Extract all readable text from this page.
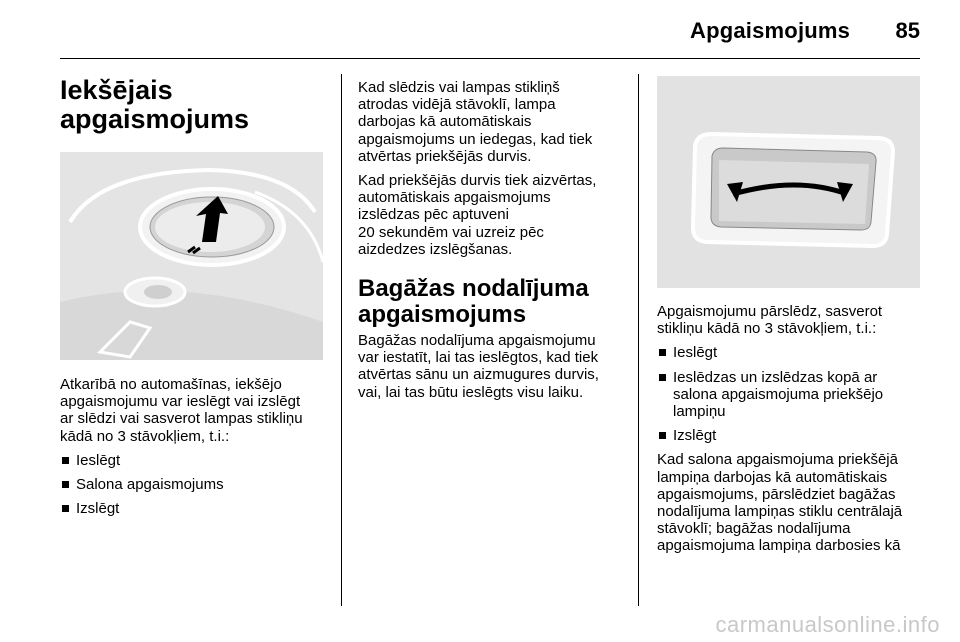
Apgaismojums	85
Iekšējais
apgaismojums

Atkarībā no automašīnas, iekšējo
apgaismojumu var ieslēgt vai izslēgt
ar slēdzi vai sasverot lampas stikliņu
kādā no 3 stāvokļiem, t.i.:

Ieslēgt
Salona apgaismojums
Izslēgt

Kad slēdzis vai lampas stikliņš
atrodas vidējā stāvoklī, lampa
darbojas kā automātiskais
apgaismojums un iedegas, kad tiek
atvērtas priekšējās durvis.

Kad priekšējās durvis tiek aizvērtas,
automātiskais apgaismojums
izslēdzas pēc aptuveni
20 sekundēm vai uzreiz pēc
aizdedzes izslēgšanas.

Bagāžas nodalījuma
apgaismojums

Bagāžas nodalījuma apgaismojumu
var iestatīt, lai tas ieslēgtos, kad tiek
atvērtas sānu un aizmugures durvis,
vai, lai tas būtu ieslēgts visu laiku.

Apgaismojumu pārslēdz, sasverot
stikliņu kādā no 3 stāvokļiem, t.i.:

Ieslēgt
Ieslēdzas un izslēdzas kopā ar
salona apgaismojuma priekšējo
lampiņu
Izslēgt

Kad salona apgaismojuma priekšējā
lampiņa darbojas kā automātiskais
apgaismojums, pārslēdziet bagāžas
nodalījuma lampiņas stiklu centrālajā
stāvoklī; bagāžas nodalījuma
apgaismojuma lampiņa darbosies kā

carmanualsonline.info
